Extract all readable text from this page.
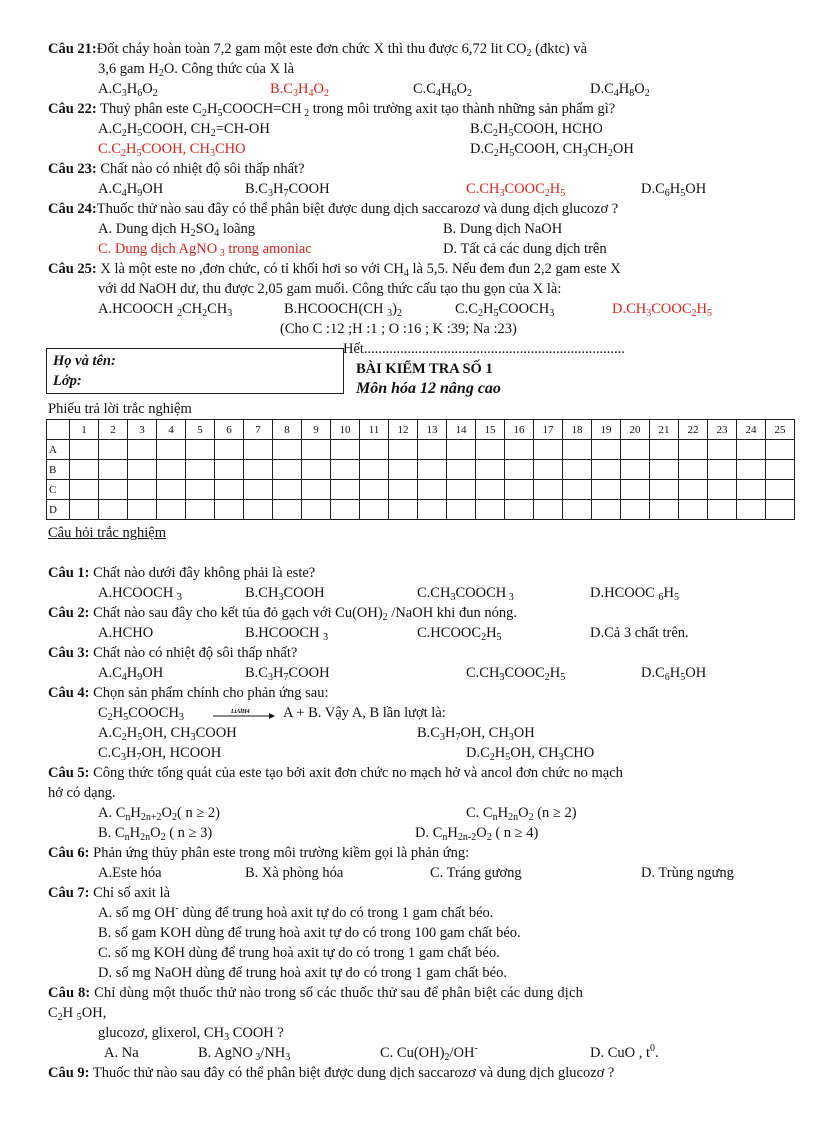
Câu 21:Đốt cháy hoàn toàn 7,2 gam một este đơn chức X thì thu được 6,72 lit $CO_2$ (đktc) và
3,6 gam $H_2O$. Công thức của X là
$A.C_3H_6O_2$	$B.C_3H_4O_2$	$C.C_4H_6O_2$	$D.C_4H_8O_2$
Câu 22: Thuỷ phân este $C_2H_5COOCH=CH$ $_2$ trong môi trường axit tạo thành những sản phẩm gì?
$A.C_2H_5COOH$, $CH_2=CH-OH$	$B.C_2H_5COOH$, HCHO
$C.C_2H_5COOH$, $CH_3CHO$	$D.C_2H_5COOH$, $CH_3CH_2OH$
Câu 23: Chất nào có nhiệt độ sôi thấp nhất?
$A.C_4H_9OH$	$B.C_3H_7COOH$	$C.CH_3COOC_2H_5$	$D.C_6H_5OH$
Câu 24:Thuốc thử nào sau đây có thể phân biệt được dung dịch saccarozơ và dung dịch glucozơ ?
A. Dung dịch $H_2SO_4$ loãng	B. Dung dịch NaOH
C. Dung dịch AgNO $_3$ trong amoniac	D. Tất cả các dung dịch trên
Câu 25: X là một este no ,đơn chức, có tỉ khối hơi so với $CH_4$ là 5,5. Nếu đem đun 2,2 gam este X
với dd NaOH dư, thu được 2,05 gam muối. Công thức cấu tạo thu gọn của X là:
A.HCOOCH $_2CH_2CH_3$	B.HCOOCH(CH $_3)_2$	$C.C_2H_5COOCH_3$	$D.CH_3COOC_2H_5$
(Cho C :12 ;H :1 ; O :16 ; K :39; Na :23)
Hết........................................................................
Họ và tên:
Lớp:
BÀI KIỂM TRA SỐ 1
Môn hóa 12 nâng cao
Phiếu trả lời trắc nghiệm
	1	2	3	4	5	6	7	8	9	10	11	12	13	14	15	16	17	18	19	20	21	22	23	24	25
A																									
B																									
C																									
D																									
Câu hỏi trắc nghiệm
Câu 1: Chất nào dưới đây không phải là este?
A.HCOOCH $_3$	$B.CH_3COOH$	$C.CH_3COOCH$ $_3$	D.HCOOC $_6H_5$
Câu 2: Chất nào sau đây cho kết tủa đỏ gạch với $Cu(OH)_2$ /NaOH khi đun nóng.
A.HCHO	B.HCOOCH $_3$	$C.HCOOC_2H_5$	D.Cả 3 chất trên.
Câu 3: Chất nào có nhiệt độ sôi thấp nhất?
$A.C_4H_9OH$	$B.C_3H_7COOH$	$C.CH_3COOC_2H_5$	$D.C_6H_5OH$
Câu 4: Chọn sản phẩm chính cho phản ứng sau:
$C_2H_5COOCH_3$	LiAlH4 A + B. Vậy A, B lần lượt là:
$A.C_2H_5OH$, $CH_3COOH$	$B.C_3H_7OH$, $CH_3OH$
$C.C_3H_7OH$, HCOOH	$D.C_2H_5OH$, $CH_3CHO$
Câu 5: Công thức tổng quát của este tạo bởi axit đơn chức no mạch hở và ancol đơn chức no mạch
hở có dạng.
A. $C_nH_{2n+2}O_2$( n ≥ 2)	C. $C_nH_{2n}O_2$ (n ≥ 2)
B. $C_nH_{2n}O_2$ ( n ≥ 3)	D. $C_nH_{2n-2}O_2$ ( n ≥ 4)
Câu 6: Phản ứng thủy phân este trong môi trường kiềm gọi là phản ứng:
A.Este hóa	B. Xà phòng hóa	C. Tráng gương	D. Trùng ngưng
Câu 7: Chỉ số axit là
A. số mg OH- dùng để trung hoà axit tự do có trong 1 gam chất béo.
B. số gam KOH dùng để trung hoà axit tự do có trong 100 gam chất béo.
C. số mg KOH dùng để trung hoà axit tự do có trong 1 gam chất béo.
D. số mg NaOH dùng để trung hoà axit tự do có trong 1 gam chất béo.
Câu 8: Chỉ dùng một thuốc thử nào trong số các thuốc thử sau để phân biệt các dung dịch
$C_2H$ $_5$OH,
glucozơ, glixerol, $CH_3$ COOH ?
A. Na	B. AgNO $_3/NH_3$	C. $Cu(OH)_2/OH^-$	D. CuO , $t^0$.
Câu 9: Thuốc thử nào sau đây có thể phân biệt được dung dịch saccarozơ và dung dịch glucozơ ?
